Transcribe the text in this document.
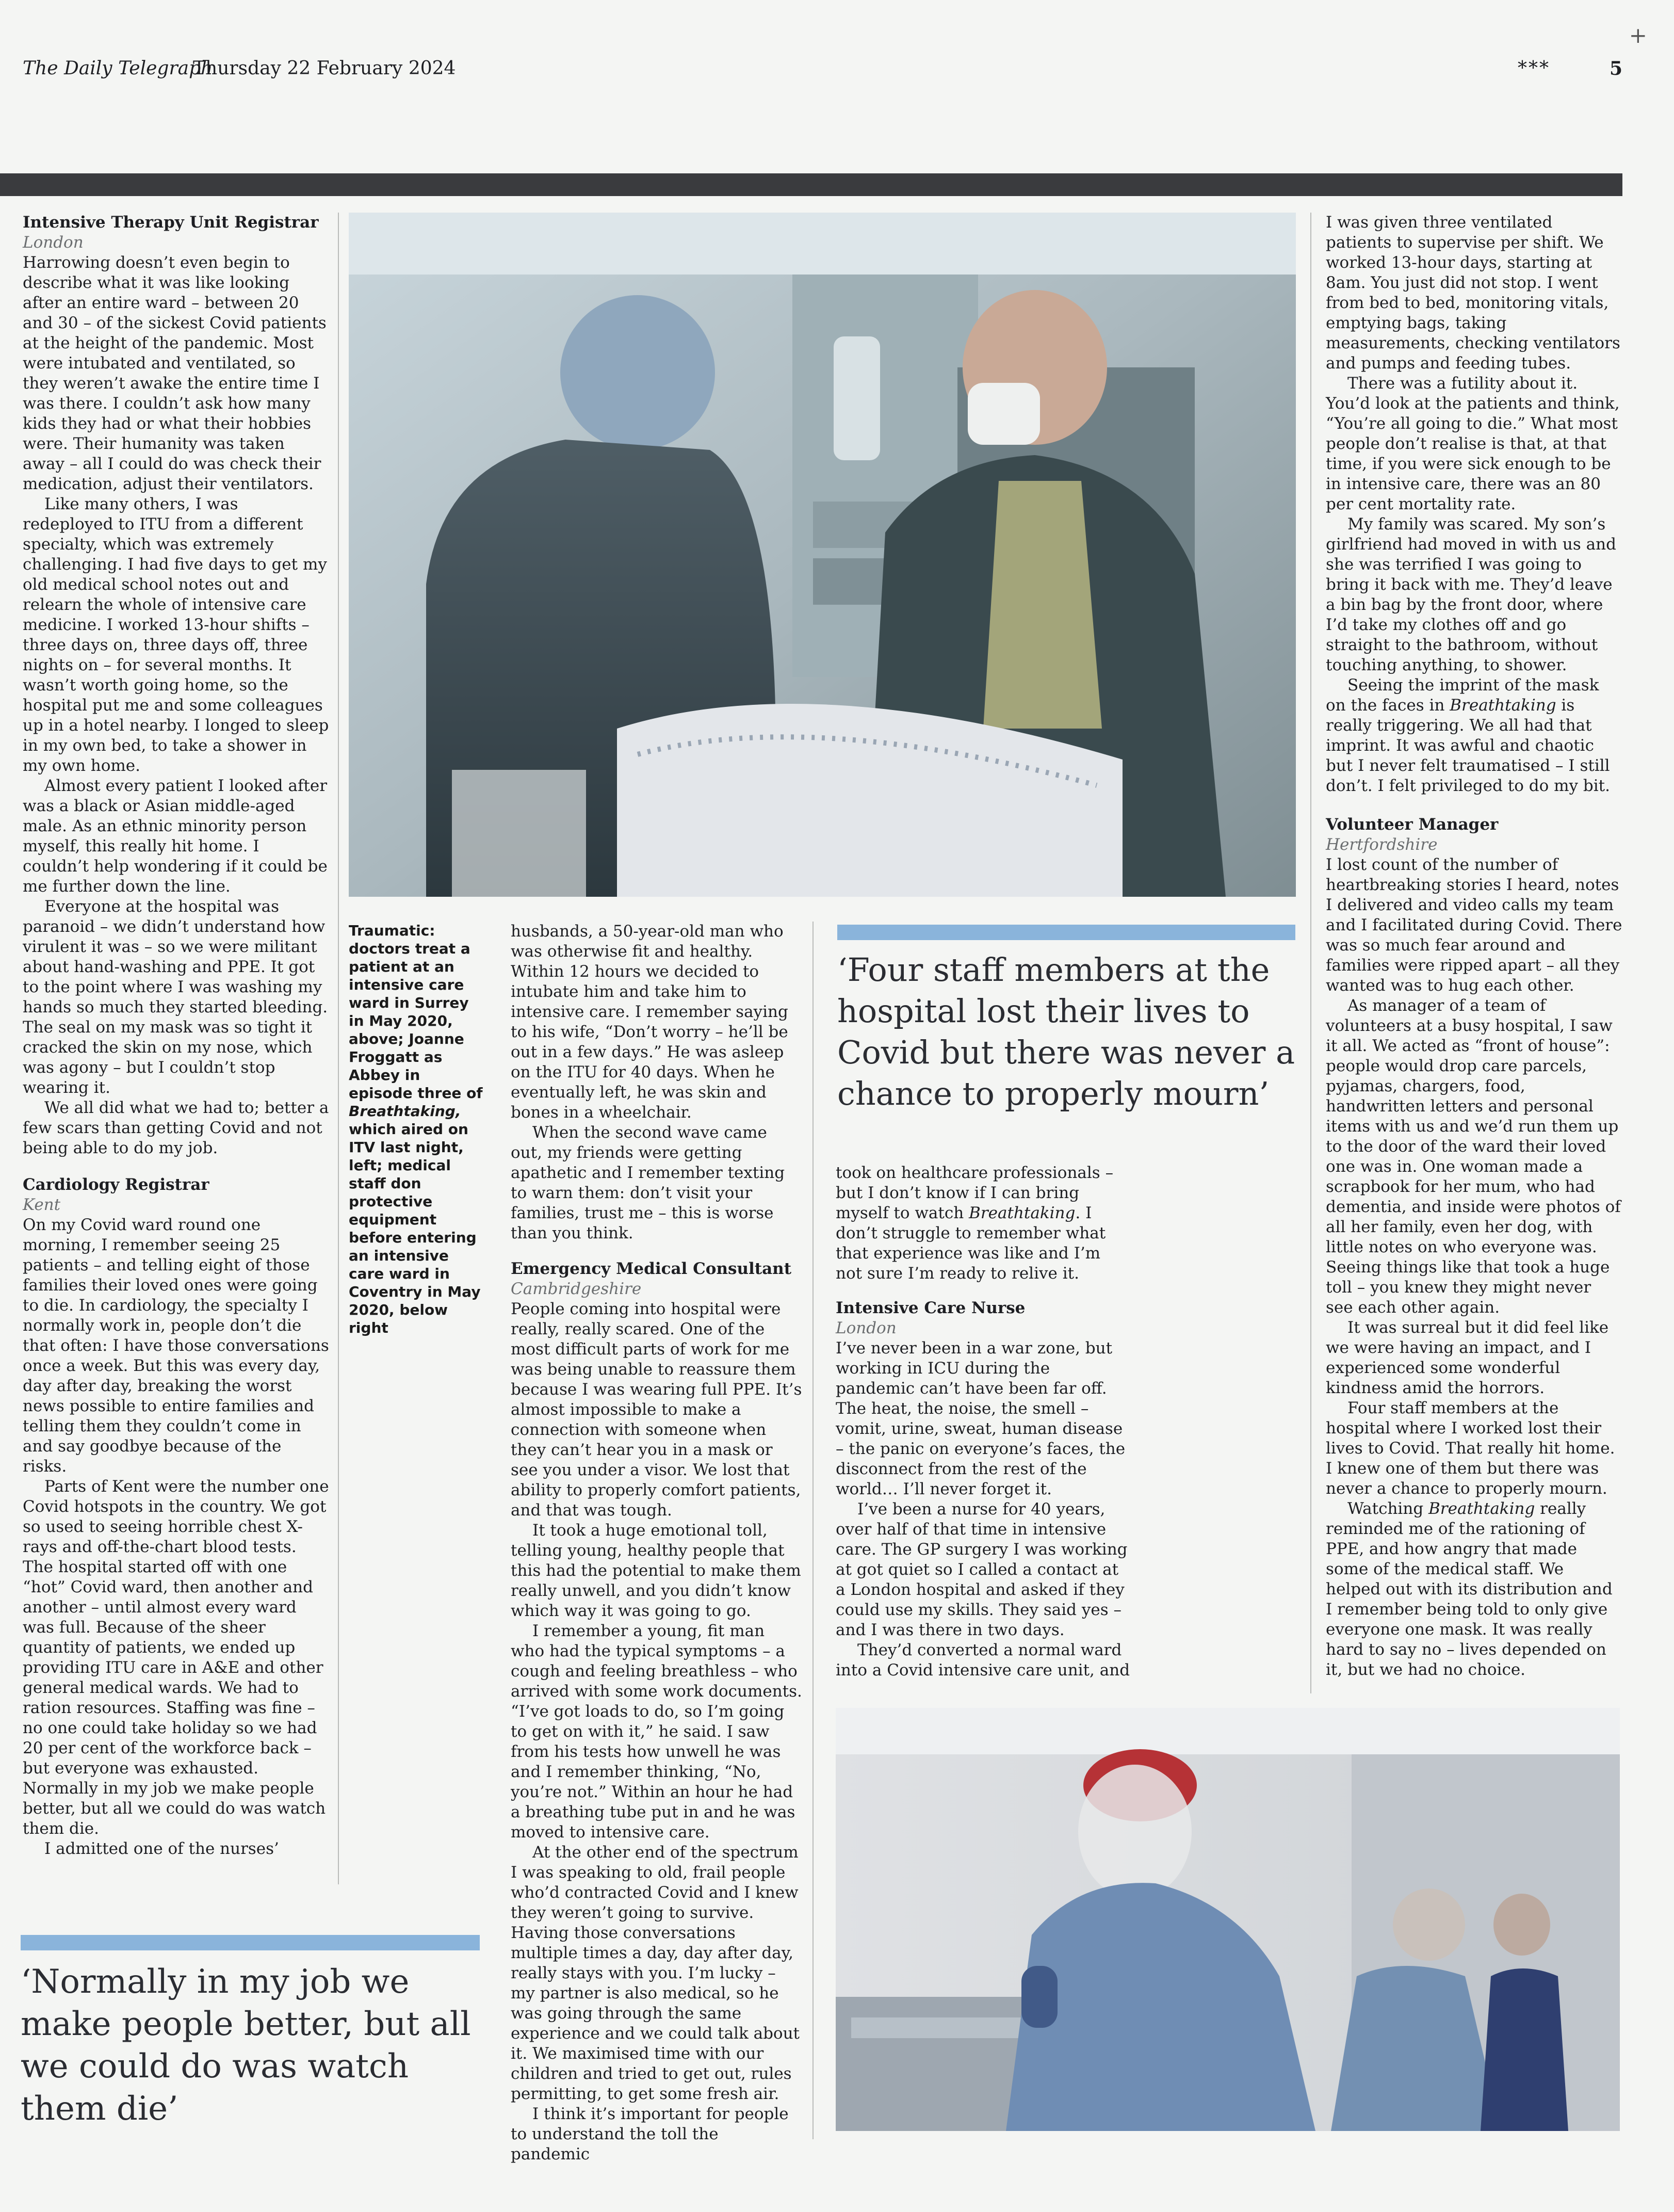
+
The Daily Telegraph
Thursday 22 February 2024	***	5
Traumatic: doctors treat a patient at an intensive care ward in Surrey in May 2020, above; Joanne Froggatt as Abbey in episode three of Breathtaking, which aired on ITV last night, left; medical staff don protective equipment before entering an intensive care ward in Coventry in May 2020, below right
Intensive Therapy Unit Registrar
London

Harrowing doesn’t even begin to describe what it was like looking after an entire ward – between 20 and 30 – of the sickest Covid patients at the height of the pandemic. Most were intubated and ventilated, so they weren’t awake the entire time I was there. I couldn’t ask how many kids they had or what their hobbies were. Their humanity was taken away – all I could do was check their medication, adjust their ventilators.

Like many others, I was redeployed to ITU from a different specialty, which was extremely challenging. I had five days to get my old medical school notes out and relearn the whole of intensive care medicine. I worked 13-hour shifts – three days on, three days off, three nights on – for several months. It wasn’t worth going home, so the hospital put me and some colleagues up in a hotel nearby. I longed to sleep in my own bed, to take a shower in my own home.

Almost every patient I looked after was a black or Asian middle-aged male. As an ethnic minority person myself, this really hit home. I couldn’t help wondering if it could be me further down the line.

Everyone at the hospital was paranoid – we didn’t understand how virulent it was – so we were militant about hand-washing and PPE. It got to the point where I was washing my hands so much they started bleeding. The seal on my mask was so tight it cracked the skin on my nose, which was agony – but I couldn’t stop wearing it.

We all did what we had to; better a few scars than getting Covid and not being able to do my job.

Cardiology Registrar
Kent

On my Covid ward round one morning, I remember seeing 25 patients – and telling eight of those families their loved ones were going to die. In cardiology, the specialty I normally work in, people don’t die that often: I have those conversations once a week. But this was every day, day after day, breaking the worst news possible to entire families and telling them they couldn’t come in and say goodbye because of the risks.

Parts of Kent were the number one Covid hotspots in the country. We got so used to seeing horrible chest X-rays and off-the-chart blood tests. The hospital started off with one “hot” Covid ward, then another and another – until almost every ward was full. Because of the sheer quantity of patients, we ended up providing ITU care in A&E and other general medical wards. We had to ration resources. Staffing was fine – no one could take holiday so we had 20 per cent of the workforce back – but everyone was exhausted. Normally in my job we make people better, but all we could do was watch them die.

I admitted one of the nurses’

‘Normally in my job we make people better, but all we could do was watch them die’

husbands, a 50-year-old man who was otherwise fit and healthy. Within 12 hours we decided to intubate him and take him to intensive care. I remember saying to his wife, “Don’t worry – he’ll be out in a few days.” He was asleep on the ITU for 40 days. When he eventually left, he was skin and bones in a wheelchair.

When the second wave came out, my friends were getting apathetic and I remember texting to warn them: don’t visit your families, trust me – this is worse than you think.

Emergency Medical Consultant
Cambridgeshire

People coming into hospital were really, really scared. One of the most difficult parts of work for me was being unable to reassure them because I was wearing full PPE. It’s almost impossible to make a connection with someone when they can’t hear you in a mask or see you under a visor. We lost that ability to properly comfort patients, and that was tough.

It took a huge emotional toll, telling young, healthy people that this had the potential to make them really unwell, and you didn’t know which way it was going to go.

I remember a young, fit man who had the typical symptoms – a cough and feeling breathless – who arrived with some work documents. “I’ve got loads to do, so I’m going to get on with it,” he said. I saw from his tests how unwell he was and I remember thinking, “No, you’re not.” Within an hour he had a breathing tube put in and he was moved to intensive care.

At the other end of the spectrum I was speaking to old, frail people who’d contracted Covid and I knew they weren’t going to survive. Having those conversations multiple times a day, day after day, really stays with you. I’m lucky – my partner is also medical, so he was going through the same experience and we could talk about it. We maximised time with our children and tried to get out, rules permitting, to get some fresh air.

I think it’s important for people to understand the toll the pandemic

‘Four staff members at the hospital lost their lives to Covid but there was never a chance to properly mourn’

took on healthcare professionals – but I don’t know if I can bring myself to watch Breathtaking. I don’t struggle to remember what that experience was like and I’m not sure I’m ready to relive it.

Intensive Care Nurse
London

I’ve never been in a war zone, but working in ICU during the pandemic can’t have been far off. The heat, the noise, the smell – vomit, urine, sweat, human disease – the panic on everyone’s faces, the disconnect from the rest of the world… I’ll never forget it.

I’ve been a nurse for 40 years, over half of that time in intensive care. The GP surgery I was working at got quiet so I called a contact at a London hospital and asked if they could use my skills. They said yes – and I was there in two days.

They’d converted a normal ward into a Covid intensive care unit, and

I was given three ventilated patients to supervise per shift. We worked 13-hour days, starting at 8am. You just did not stop. I went from bed to bed, monitoring vitals, emptying bags, taking measurements, checking ventilators and pumps and feeding tubes.

There was a futility about it. You’d look at the patients and think, “You’re all going to die.” What most people don’t realise is that, at that time, if you were sick enough to be in intensive care, there was an 80 per cent mortality rate.

My family was scared. My son’s girlfriend had moved in with us and she was terrified I was going to bring it back with me. They’d leave a bin bag by the front door, where I’d take my clothes off and go straight to the bathroom, without touching anything, to shower.

Seeing the imprint of the mask on the faces in Breathtaking is really triggering. We all had that imprint. It was awful and chaotic but I never felt traumatised – I still don’t. I felt privileged to do my bit.

Volunteer Manager
Hertfordshire

I lost count of the number of heartbreaking stories I heard, notes I delivered and video calls my team and I facilitated during Covid. There was so much fear around and families were ripped apart – all they wanted was to hug each other.

As manager of a team of volunteers at a busy hospital, I saw it all. We acted as “front of house”: people would drop care parcels, pyjamas, chargers, food, handwritten letters and personal items with us and we’d run them up to the door of the ward their loved one was in. One woman made a scrapbook for her mum, who had dementia, and inside were photos of all her family, even her dog, with little notes on who everyone was. Seeing things like that took a huge toll – you knew they might never see each other again.

It was surreal but it did feel like we were having an impact, and I experienced some wonderful kindness amid the horrors.

Four staff members at the hospital where I worked lost their lives to Covid. That really hit home. I knew one of them but there was never a chance to properly mourn.

Watching Breathtaking really reminded me of the rationing of PPE, and how angry that made some of the medical staff. We helped out with its distribution and I remember being told to only give everyone one mask. It was really hard to say no – lives depended on it, but we had no choice.
